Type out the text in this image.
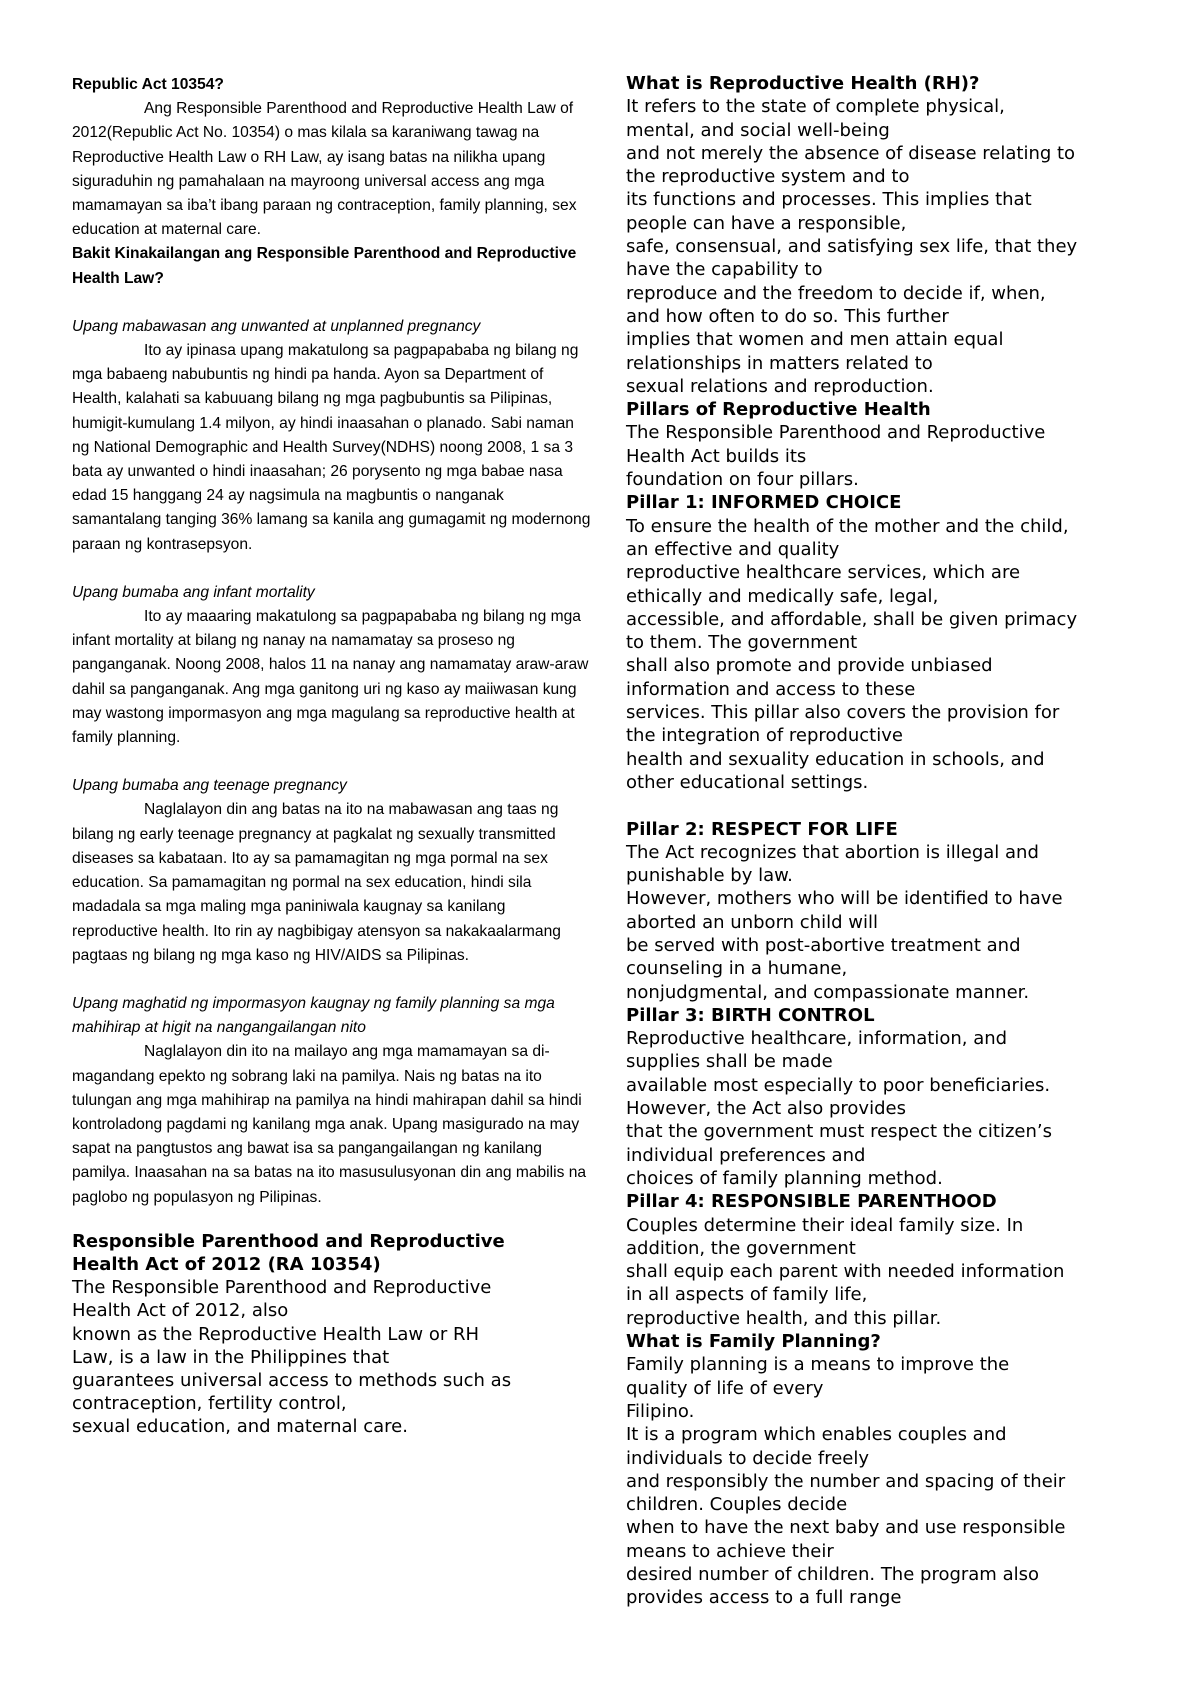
Republic Act 10354?

Ang Responsible Parenthood and Reproductive Health Law of 2012(Republic Act No. 10354) o mas kilala sa karaniwang tawag na Reproductive Health Law o RH Law, ay isang batas na nilikha upang siguraduhin ng pamahalaan na mayroong universal access ang mga mamamayan sa iba’t ibang paraan ng contraception, family planning, sex education at maternal care.

Bakit Kinakailangan ang Responsible Parenthood and Reproductive Health Law?

Upang mabawasan ang unwanted at unplanned pregnancy

Ito ay ipinasa upang makatulong sa pagpapababa ng bilang ng mga babaeng nabubuntis ng hindi pa handa. Ayon sa Department of Health, kalahati sa kabuuang bilang ng mga pagbubuntis sa Pilipinas, humigit-kumulang 1.4 milyon, ay hindi inaasahan o planado. Sabi naman ng National Demographic and Health Survey(NDHS) noong 2008, 1 sa 3 bata ay unwanted o hindi inaasahan; 26 porysento ng mga babae nasa edad 15 hanggang 24 ay nagsimula na magbuntis o nanganak samantalang tanging 36% lamang sa kanila ang gumagamit ng modernong paraan ng kontrasepsyon.

Upang bumaba ang infant mortality

Ito ay maaaring makatulong sa pagpapababa ng bilang ng mga infant mortality at bilang ng nanay na namamatay sa proseso ng panganganak. Noong 2008, halos 11 na nanay ang namamatay araw-araw dahil sa panganganak. Ang mga ganitong uri ng kaso ay maiiwasan kung may wastong impormasyon ang mga magulang sa reproductive health at family planning.

Upang bumaba ang teenage pregnancy

Naglalayon din ang batas na ito na mabawasan ang taas ng bilang ng early teenage pregnancy at pagkalat ng sexually transmitted diseases sa kabataan. Ito ay sa pamamagitan ng mga pormal na sex education. Sa pamamagitan ng pormal na sex education, hindi sila madadala sa mga maling mga paniniwala kaugnay sa kanilang reproductive health. Ito rin ay nagbibigay atensyon sa nakakaalarmang pagtaas ng bilang ng mga kaso ng HIV/AIDS sa Pilipinas.

Upang maghatid ng impormasyon kaugnay ng family planning sa mga mahihirap at higit na nangangailangan nito

Naglalayon din ito na mailayo ang mga mamamayan sa di-magandang epekto ng sobrang laki na pamilya. Nais ng batas na ito tulungan ang mga mahihirap na pamilya na hindi mahirapan dahil sa hindi kontroladong pagdami ng kanilang mga anak. Upang masigurado na may sapat na pangtustos ang bawat isa sa pangangailangan ng kanilang pamilya. Inaasahan na sa batas na ito masusulusyonan din ang mabilis na paglobo ng populasyon ng Pilipinas.

Responsible Parenthood and Reproductive
Health Act of 2012 (RA 10354)
The Responsible Parenthood and Reproductive
Health Act of 2012, also
known as the Reproductive Health Law or RH
Law, is a law in the Philippines that
guarantees universal access to methods such as
contraception, fertility control,
sexual education, and maternal care.
What is Reproductive Health (RH)?
It refers to the state of complete physical,
mental, and social well-being
and not merely the absence of disease relating to
the reproductive system and to
its functions and processes. This implies that
people can have a responsible,
safe, consensual, and satisfying sex life, that they
have the capability to
reproduce and the freedom to decide if, when,
and how often to do so. This further
implies that women and men attain equal
relationships in matters related to
sexual relations and reproduction.
Pillars of Reproductive Health
The Responsible Parenthood and Reproductive
Health Act builds its
foundation on four pillars.
Pillar 1: INFORMED CHOICE
To ensure the health of the mother and the child,
an effective and quality
reproductive healthcare services, which are
ethically and medically safe, legal,
accessible, and affordable, shall be given primacy
to them. The government
shall also promote and provide unbiased
information and access to these
services. This pillar also covers the provision for
the integration of reproductive
health and sexuality education in schools, and
other educational settings.
Pillar 2: RESPECT FOR LIFE
The Act recognizes that abortion is illegal and
punishable by law.
However, mothers who will be identified to have
aborted an unborn child will
be served with post-abortive treatment and
counseling in a humane,
nonjudgmental, and compassionate manner.
Pillar 3: BIRTH CONTROL
Reproductive healthcare, information, and
supplies shall be made
available most especially to poor beneficiaries.
However, the Act also provides
that the government must respect the citizen’s
individual preferences and
choices of family planning method.
Pillar 4: RESPONSIBLE PARENTHOOD
Couples determine their ideal family size. In
addition, the government
shall equip each parent with needed information
in all aspects of family life,
reproductive health, and this pillar.
What is Family Planning?
Family planning is a means to improve the
quality of life of every
Filipino.
It is a program which enables couples and
individuals to decide freely
and responsibly the number and spacing of their
children. Couples decide
when to have the next baby and use responsible
means to achieve their
desired number of children. The program also
provides access to a full range
